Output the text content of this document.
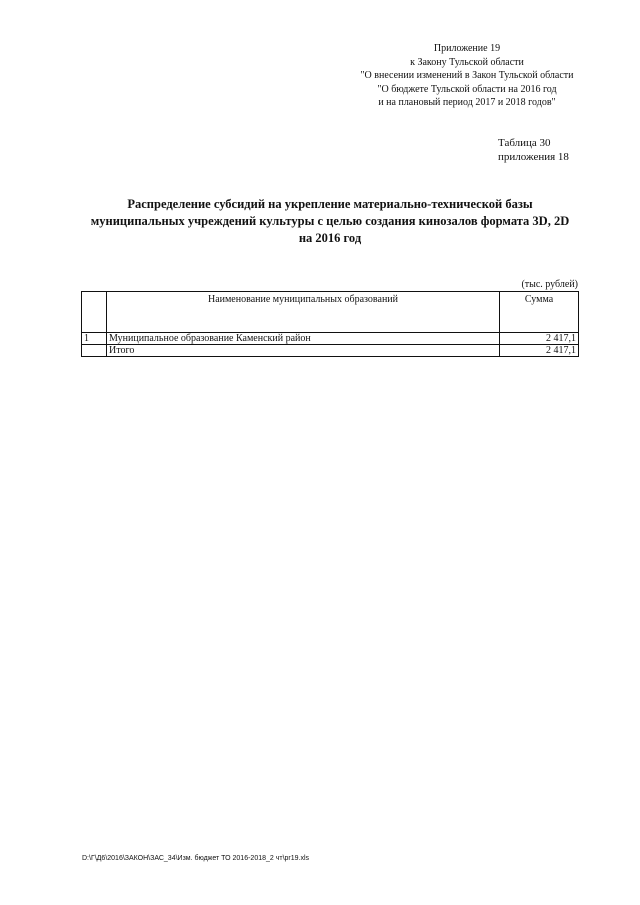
Приложение 19
к Закону Тульской области
"О внесении изменений в Закон Тульской области
"О бюджете Тульской области на 2016 год
и на плановый период 2017 и 2018 годов"
Таблица 30
приложения 18
Распределение субсидий на укрепление материально-технической базы
муниципальных учреждений культуры с целью создания кинозалов формата 3D, 2D
на 2016 год
(тыс. рублей)
	Наименование муниципальных образований	Сумма
1	Муниципальное образование Каменский район	2 417,1
	Итого	2 417,1
D:\Г\Д6\2016\ЗАКОН\ЗАС_34\Изм. бюджет ТО 2016-2018_2 чт\pr19.xls
